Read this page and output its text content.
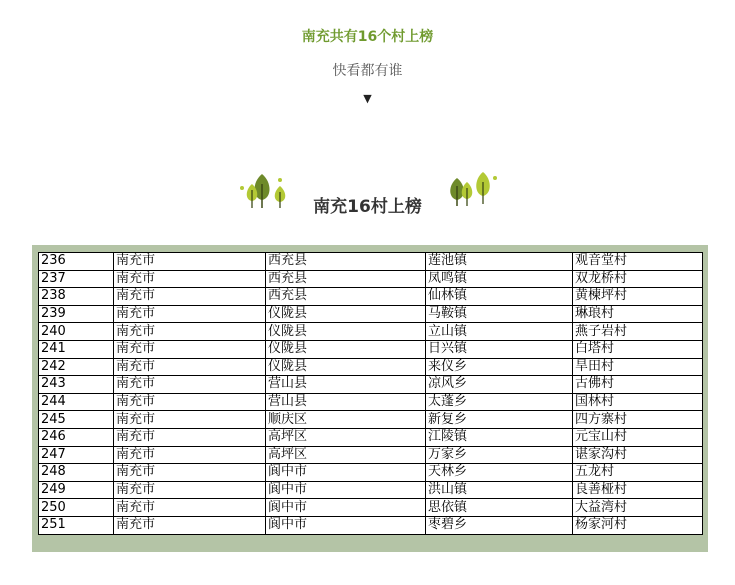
南充共有16个村上榜
快看都有谁
▼
南充16村上榜
236	南充市	西充县	莲池镇	观音堂村
237	南充市	西充县	凤鸣镇	双龙桥村
238	南充市	西充县	仙林镇	黄楝坪村
239	南充市	仪陇县	马鞍镇	琳琅村
240	南充市	仪陇县	立山镇	燕子岩村
241	南充市	仪陇县	日兴镇	白塔村
242	南充市	仪陇县	来仪乡	旱田村
243	南充市	营山县	凉风乡	古佛村
244	南充市	营山县	太蓬乡	国林村
245	南充市	顺庆区	新复乡	四方寨村
246	南充市	高坪区	江陵镇	元宝山村
247	南充市	高坪区	万家乡	谌家沟村
248	南充市	阆中市	天林乡	五龙村
249	南充市	阆中市	洪山镇	良善桠村
250	南充市	阆中市	思依镇	大益湾村
251	南充市	阆中市	枣碧乡	杨家河村
